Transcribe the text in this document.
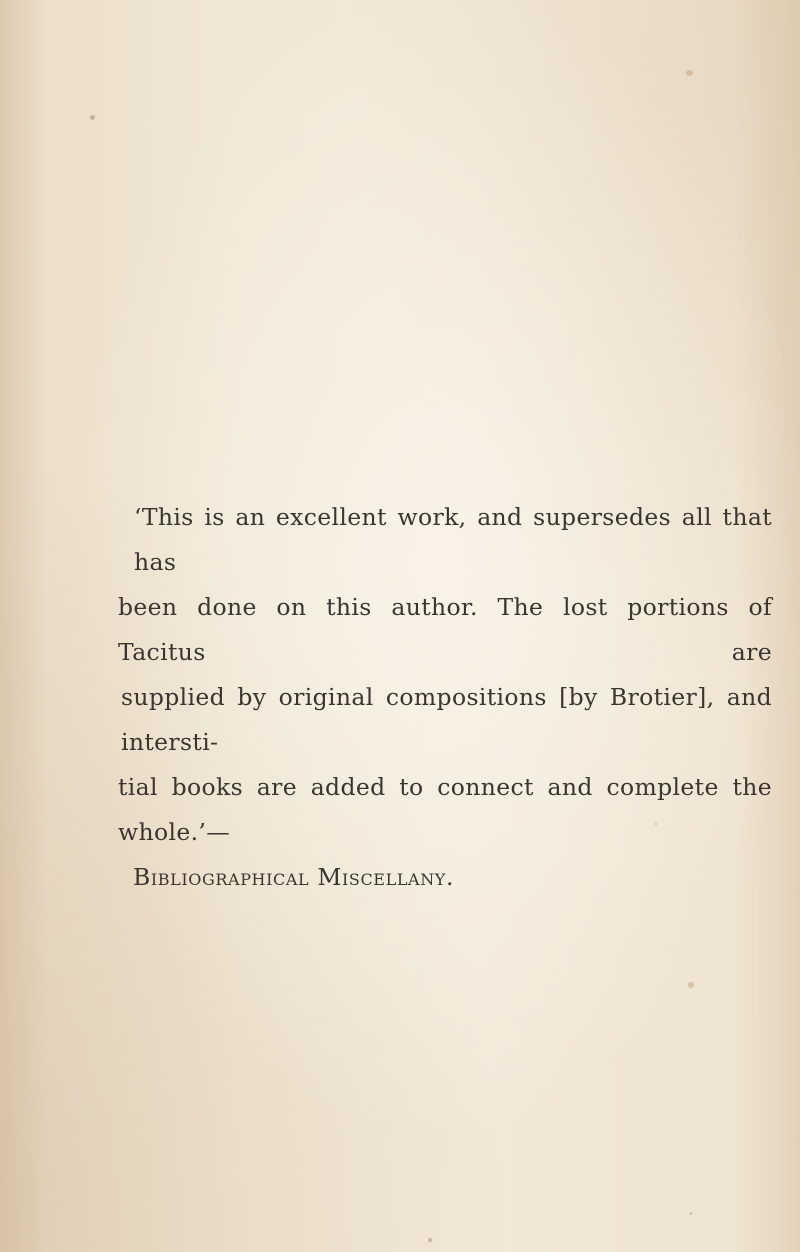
‘This is an excellent work, and supersedes all that has
been done on this author. The lost portions of Tacitus are
supplied by original compositions [by Brotier], and intersti-
tial books are added to connect and complete the whole.’—
Bibliographical Miscellany.
